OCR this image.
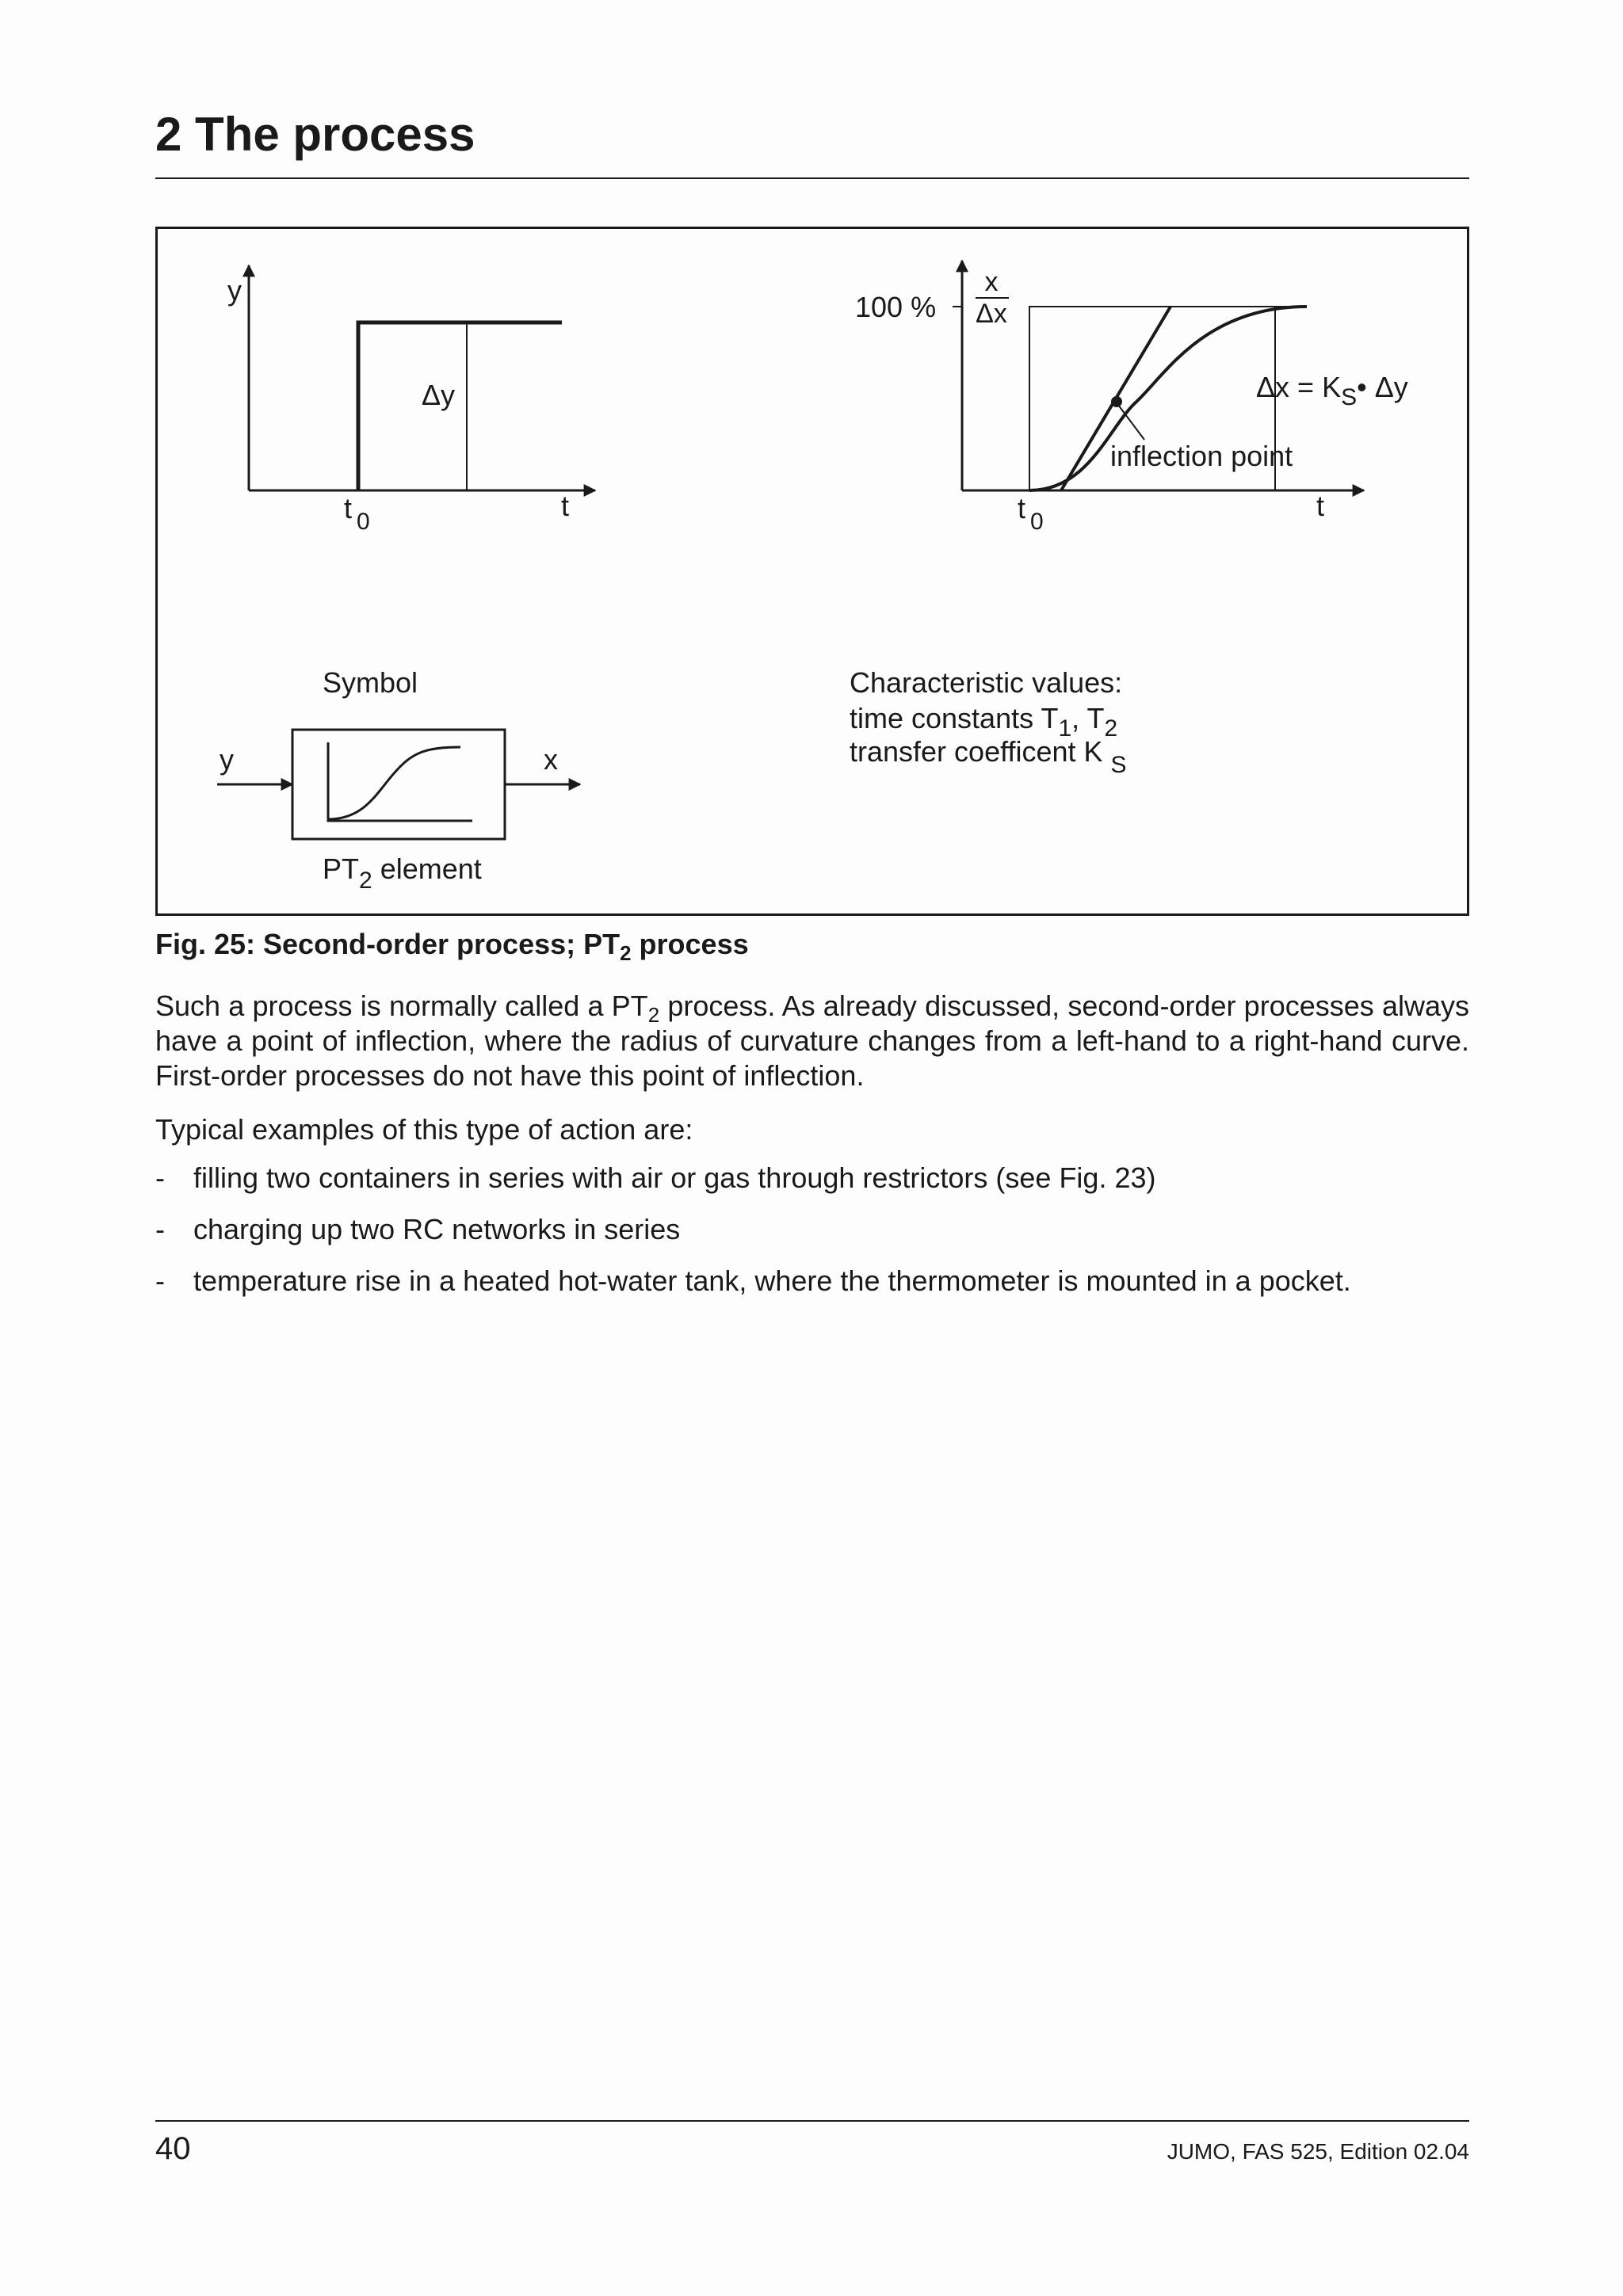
2 The process
y
Δy
t $_0$	t
100 %
x
Δx
$\Delta x = K_S•$ Δy
inflection point
t $_0$	t
Symbol
y	x
$PT_2$ element
Characteristic values:
time constants $T_1$, $T_2$
transfer coefficent K $_S$
Fig. 25: Second-order process; $PT_2$ process

Such a process is normally called a $PT_2$ process. As already discussed, second-order processes always have a point of inflection, where the radius of curvature changes from a left-hand to a right-hand curve. First-order processes do not have this point of inflection.

Typical examples of this type of action are:

- filling two containers in series with air or gas through restrictors (see Fig. 23)
- charging up two RC networks in series
- temperature rise in a heated hot-water tank, where the thermometer is mounted in a pocket.
40	JUMO, FAS 525, Edition 02.04
